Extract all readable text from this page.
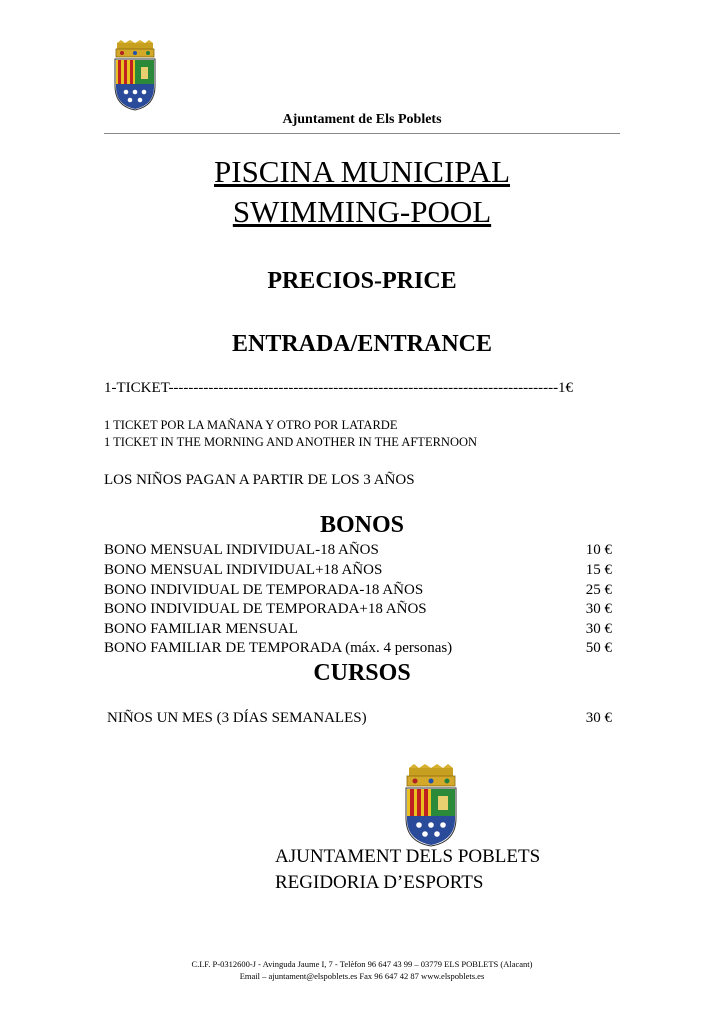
Ajuntament de Els Poblets
PISCINA MUNICIPAL
SWIMMING-POOL
PRECIOS-PRICE
ENTRADA/ENTRANCE
1-TICKET------------------------------------------------------------------------------1€
1 TICKET POR LA MAÑANA Y OTRO POR LATARDE
1 TICKET IN THE MORNING AND ANOTHER IN THE AFTERNOON
LOS NIÑOS PAGAN A PARTIR DE LOS 3 AÑOS
BONOS
BONO MENSUAL INDIVIDUAL-18 AÑOS	10 €
BONO MENSUAL INDIVIDUAL+18 AÑOS	15 €
BONO INDIVIDUAL DE TEMPORADA-18 AÑOS	25 €
BONO INDIVIDUAL DE TEMPORADA+18 AÑOS	30 €
BONO FAMILIAR MENSUAL	30 €
BONO FAMILIAR DE TEMPORADA (máx. 4 personas)	50 €
CURSOS
NIÑOS UN MES (3 DÍAS SEMANALES)	30 €
AJUNTAMENT DELS POBLETS
REGIDORIA D’ESPORTS
C.I.F. P-0312600-J - Avinguda Jaume I, 7 - Telèfon 96 647 43 99 – 03779 ELS POBLETS (Alacant)
Email – ajuntament@elspoblets.es Fax 96 647 42 87 www.elspoblets.es
